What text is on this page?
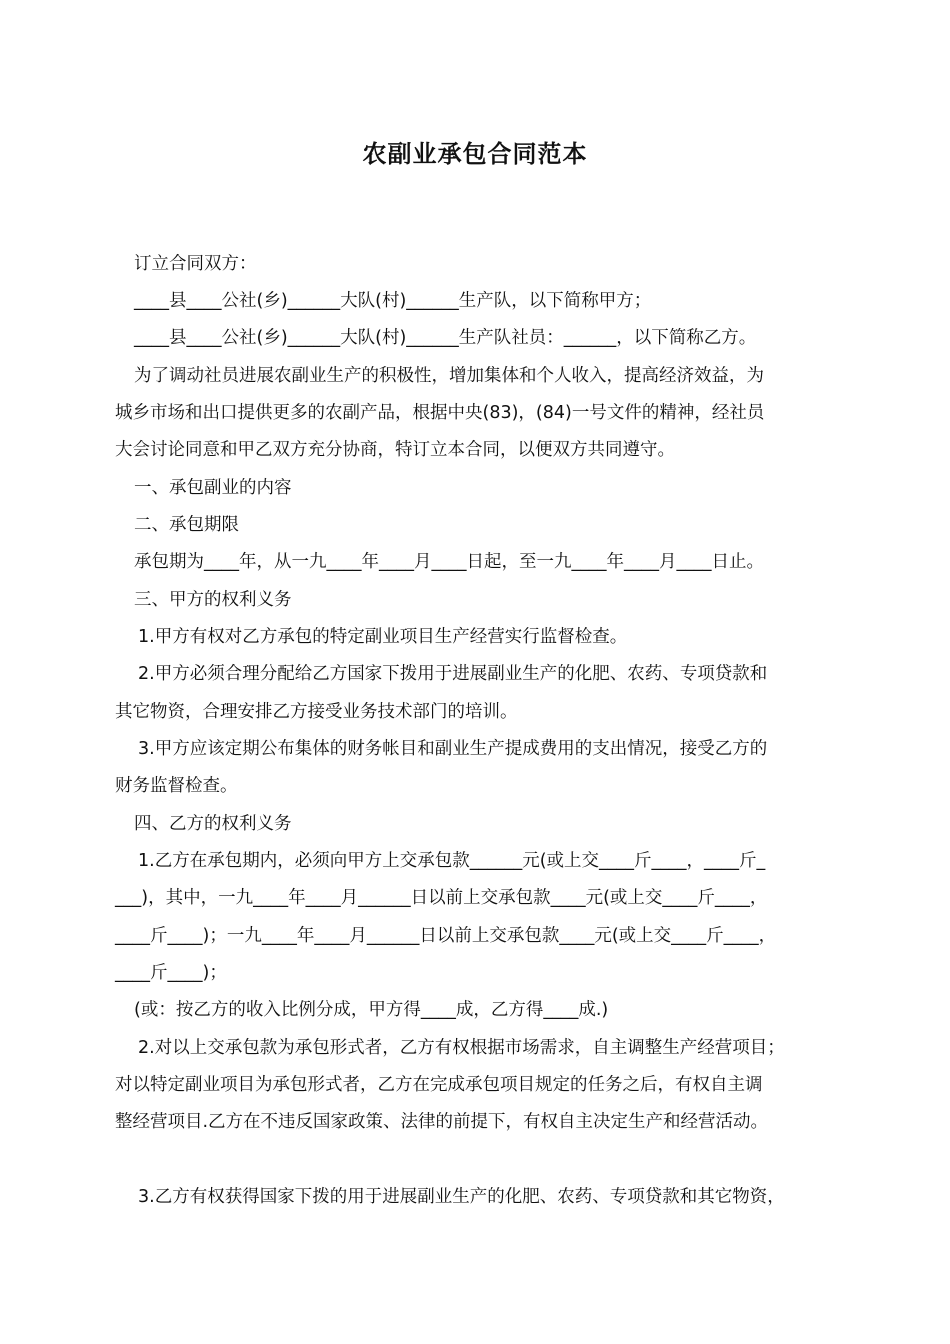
农副业承包合同范本
订立合同双方：
____县____公社(乡)______大队(村)______生产队，以下简称甲方；
____县____公社(乡)______大队(村)______生产队社员：______，以下简称乙方。
为了调动社员进展农副业生产的积极性，增加集体和个人收入，提高经济效益，为
城乡市场和出口提供更多的农副产品，根据中央(83)，(84)一号文件的精神，经社员
大会讨论同意和甲乙双方充分协商，特订立本合同，以便双方共同遵守。
一、承包副业的内容
二、承包期限
承包期为____年，从一九____年____月____日起，至一九____年____月____日止。
三、甲方的权利义务
1.甲方有权对乙方承包的特定副业项目生产经营实行监督检查。
2.甲方必须合理分配给乙方国家下拨用于进展副业生产的化肥、农药、专项贷款和
其它物资，合理安排乙方接受业务技术部门的培训。
3.甲方应该定期公布集体的财务帐目和副业生产提成费用的支出情况，接受乙方的
财务监督检查。
四、乙方的权利义务
1.乙方在承包期内，必须向甲方上交承包款______元(或上交____斤____，____斤_
___)，其中，一九____年____月______日以前上交承包款____元(或上交____斤____，
____斤____)；一九____年____月______日以前上交承包款____元(或上交____斤____，
____斤____)；
(或：按乙方的收入比例分成，甲方得____成，乙方得____成.)
2.对以上交承包款为承包形式者，乙方有权根据市场需求，自主调整生产经营项目；
对以特定副业项目为承包形式者，乙方在完成承包项目规定的任务之后，有权自主调
整经营项目.乙方在不违反国家政策、法律的前提下，有权自主决定生产和经营活动。
3.乙方有权获得国家下拨的用于进展副业生产的化肥、农药、专项贷款和其它物资，
